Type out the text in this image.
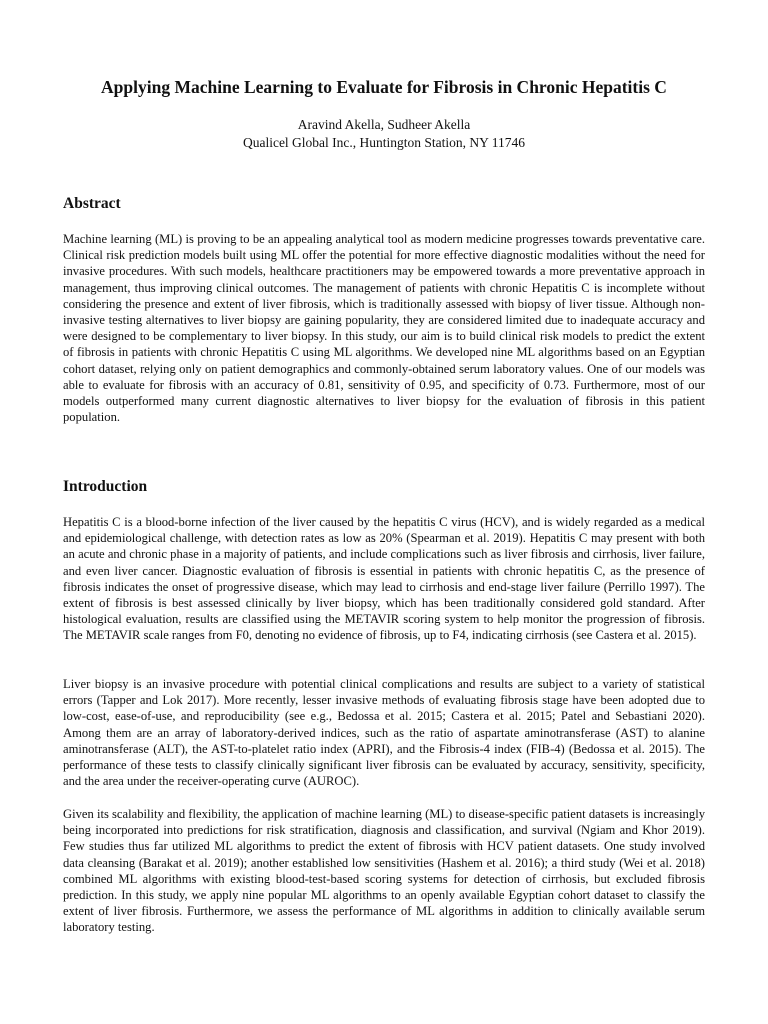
Applying Machine Learning to Evaluate for Fibrosis in Chronic Hepatitis C
Aravind Akella, Sudheer Akella
Qualicel Global Inc., Huntington Station, NY 11746
Abstract
Machine learning (ML) is proving to be an appealing analytical tool as modern medicine progresses towards preventative care. Clinical risk prediction models built using ML offer the potential for more effective diagnostic modalities without the need for invasive procedures. With such models, healthcare practitioners may be empowered towards a more preventative approach in management, thus improving clinical outcomes. The management of patients with chronic Hepatitis C is incomplete without considering the presence and extent of liver fibrosis, which is traditionally assessed with biopsy of liver tissue. Although non-invasive testing alternatives to liver biopsy are gaining popularity, they are considered limited due to inadequate accuracy and were designed to be complementary to liver biopsy. In this study, our aim is to build clinical risk models to predict the extent of fibrosis in patients with chronic Hepatitis C using ML algorithms. We developed nine ML algorithms based on an Egyptian cohort dataset, relying only on patient demographics and commonly-obtained serum laboratory values. One of our models was able to evaluate for fibrosis with an accuracy of 0.81, sensitivity of 0.95, and specificity of 0.73. Furthermore, most of our models outperformed many current diagnostic alternatives to liver biopsy for the evaluation of fibrosis in this patient population.
Introduction
Hepatitis C is a blood-borne infection of the liver caused by the hepatitis C virus (HCV), and is widely regarded as a medical and epidemiological challenge, with detection rates as low as 20% (Spearman et al. 2019). Hepatitis C may present with both an acute and chronic phase in a majority of patients, and include complications such as liver fibrosis and cirrhosis, liver failure, and even liver cancer. Diagnostic evaluation of fibrosis is essential in patients with chronic hepatitis C, as the presence of fibrosis indicates the onset of progressive disease, which may lead to cirrhosis and end-stage liver failure (Perrillo 1997). The extent of fibrosis is best assessed clinically by liver biopsy, which has been traditionally considered gold standard. After histological evaluation, results are classified using the METAVIR scoring system to help monitor the progression of fibrosis. The METAVIR scale ranges from F0, denoting no evidence of fibrosis, up to F4, indicating cirrhosis (see Castera et al. 2015).
Liver biopsy is an invasive procedure with potential clinical complications and results are subject to a variety of statistical errors (Tapper and Lok 2017). More recently, lesser invasive methods of evaluating fibrosis stage have been adopted due to low-cost, ease-of-use, and reproducibility (see e.g., Bedossa et al. 2015; Castera et al. 2015; Patel and Sebastiani 2020). Among them are an array of laboratory-derived indices, such as the ratio of aspartate aminotransferase (AST) to alanine aminotransferase (ALT), the AST-to-platelet ratio index (APRI), and the Fibrosis-4 index (FIB-4) (Bedossa et al. 2015). The performance of these tests to classify clinically significant liver fibrosis can be evaluated by accuracy, sensitivity, specificity, and the area under the receiver-operating curve (AUROC).
Given its scalability and flexibility, the application of machine learning (ML) to disease-specific patient datasets is increasingly being incorporated into predictions for risk stratification, diagnosis and classification, and survival (Ngiam and Khor 2019). Few studies thus far utilized ML algorithms to predict the extent of fibrosis with HCV patient datasets. One study involved data cleansing (Barakat et al. 2019); another established low sensitivities (Hashem et al. 2016); a third study (Wei et al. 2018) combined ML algorithms with existing blood-test-based scoring systems for detection of cirrhosis, but excluded fibrosis prediction. In this study, we apply nine popular ML algorithms to an openly available Egyptian cohort dataset to classify the extent of liver fibrosis. Furthermore, we assess the performance of ML algorithms in addition to clinically available serum laboratory testing.
